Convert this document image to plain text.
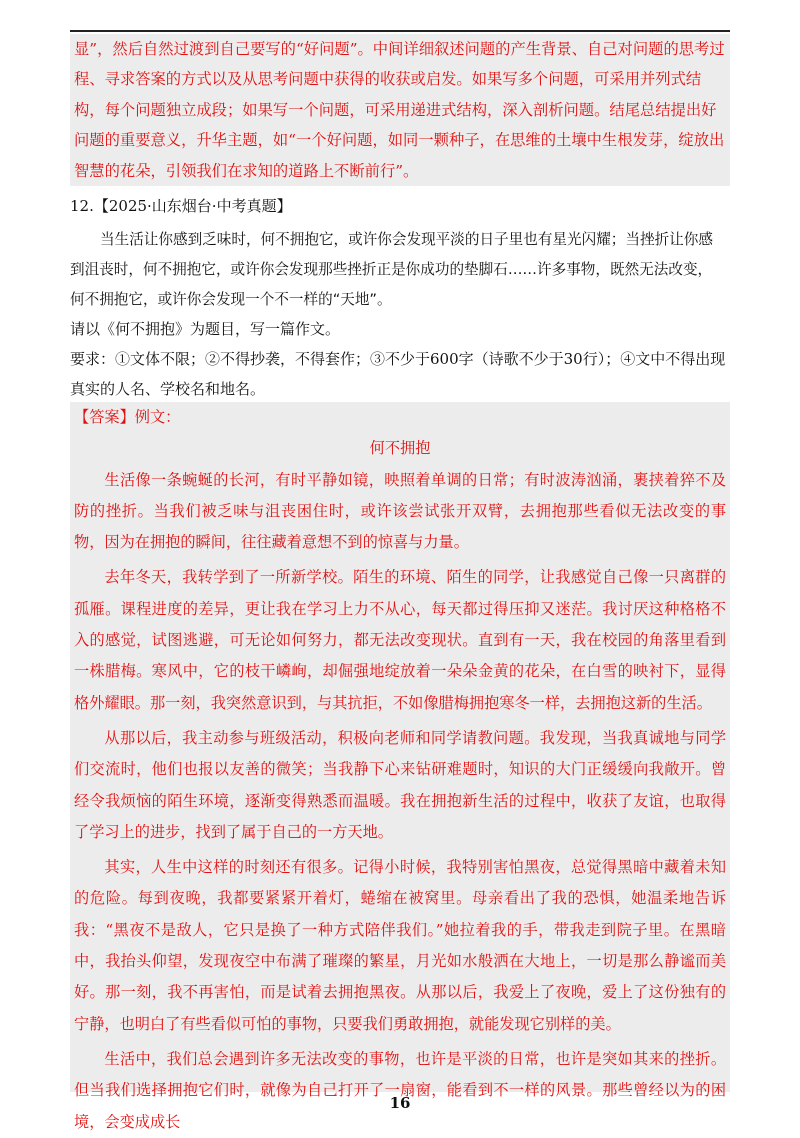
显”，然后自然过渡到自己要写的“好问题”。中间详细叙述问题的产生背景、自己对问题的思考过程、寻求答案的方式以及从思考问题中获得的收获或启发。如果写多个问题，可采用并列式结构，每个问题独立成段；如果写一个问题，可采用递进式结构，深入剖析问题。结尾总结提出好问题的重要意义，升华主题，如“一个好问题，如同一颗种子，在思维的土壤中生根发芽，绽放出智慧的花朵，引领我们在求知的道路上不断前行”。

12.【2025·山东烟台·中考真题】

当生活让你感到乏味时，何不拥抱它，或许你会发现平淡的日子里也有星光闪耀；当挫折让你感到沮丧时，何不拥抱它，或许你会发现那些挫折正是你成功的垫脚石……许多事物，既然无法改变，何不拥抱它，或许你会发现一个不一样的“天地”。

请以《何不拥抱》为题目，写一篇作文。

要求：①文体不限；②不得抄袭，不得套作；③不少于600字（诗歌不少于30行）；④文中不得出现真实的人名、学校名和地名。

【答案】例文：

何不拥抱

生活像一条蜿蜒的长河，有时平静如镜，映照着单调的日常；有时波涛汹涌，裹挟着猝不及防的挫折。当我们被乏味与沮丧困住时，或许该尝试张开双臂，去拥抱那些看似无法改变的事物，因为在拥抱的瞬间，往往藏着意想不到的惊喜与力量。

去年冬天，我转学到了一所新学校。陌生的环境、陌生的同学，让我感觉自己像一只离群的孤雁。课程进度的差异，更让我在学习上力不从心，每天都过得压抑又迷茫。我讨厌这种格格不入的感觉，试图逃避，可无论如何努力，都无法改变现状。直到有一天，我在校园的角落里看到一株腊梅。寒风中，它的枝干嶙峋，却倔强地绽放着一朵朵金黄的花朵，在白雪的映衬下，显得格外耀眼。那一刻，我突然意识到，与其抗拒，不如像腊梅拥抱寒冬一样，去拥抱这新的生活。

从那以后，我主动参与班级活动，积极向老师和同学请教问题。我发现，当我真诚地与同学们交流时，他们也报以友善的微笑；当我静下心来钻研难题时，知识的大门正缓缓向我敞开。曾经令我烦恼的陌生环境，逐渐变得熟悉而温暖。我在拥抱新生活的过程中，收获了友谊，也取得了学习上的进步，找到了属于自己的一方天地。

其实，人生中这样的时刻还有很多。记得小时候，我特别害怕黑夜，总觉得黑暗中藏着未知的危险。每到夜晚，我都要紧紧开着灯，蜷缩在被窝里。母亲看出了我的恐惧，她温柔地告诉我：“黑夜不是敌人，它只是换了一种方式陪伴我们。”她拉着我的手，带我走到院子里。在黑暗中，我抬头仰望，发现夜空中布满了璀璨的繁星，月光如水般洒在大地上，一切是那么静谧而美好。那一刻，我不再害怕，而是试着去拥抱黑夜。从那以后，我爱上了夜晚，爱上了这份独有的宁静，也明白了有些看似可怕的事物，只要我们勇敢拥抱，就能发现它别样的美。

生活中，我们总会遇到许多无法改变的事物，也许是平淡的日常，也许是突如其来的挫折。但当我们选择拥抱它们时，就像为自己打开了一扇窗，能看到不一样的风景。那些曾经以为的困境，会变成成长

16
